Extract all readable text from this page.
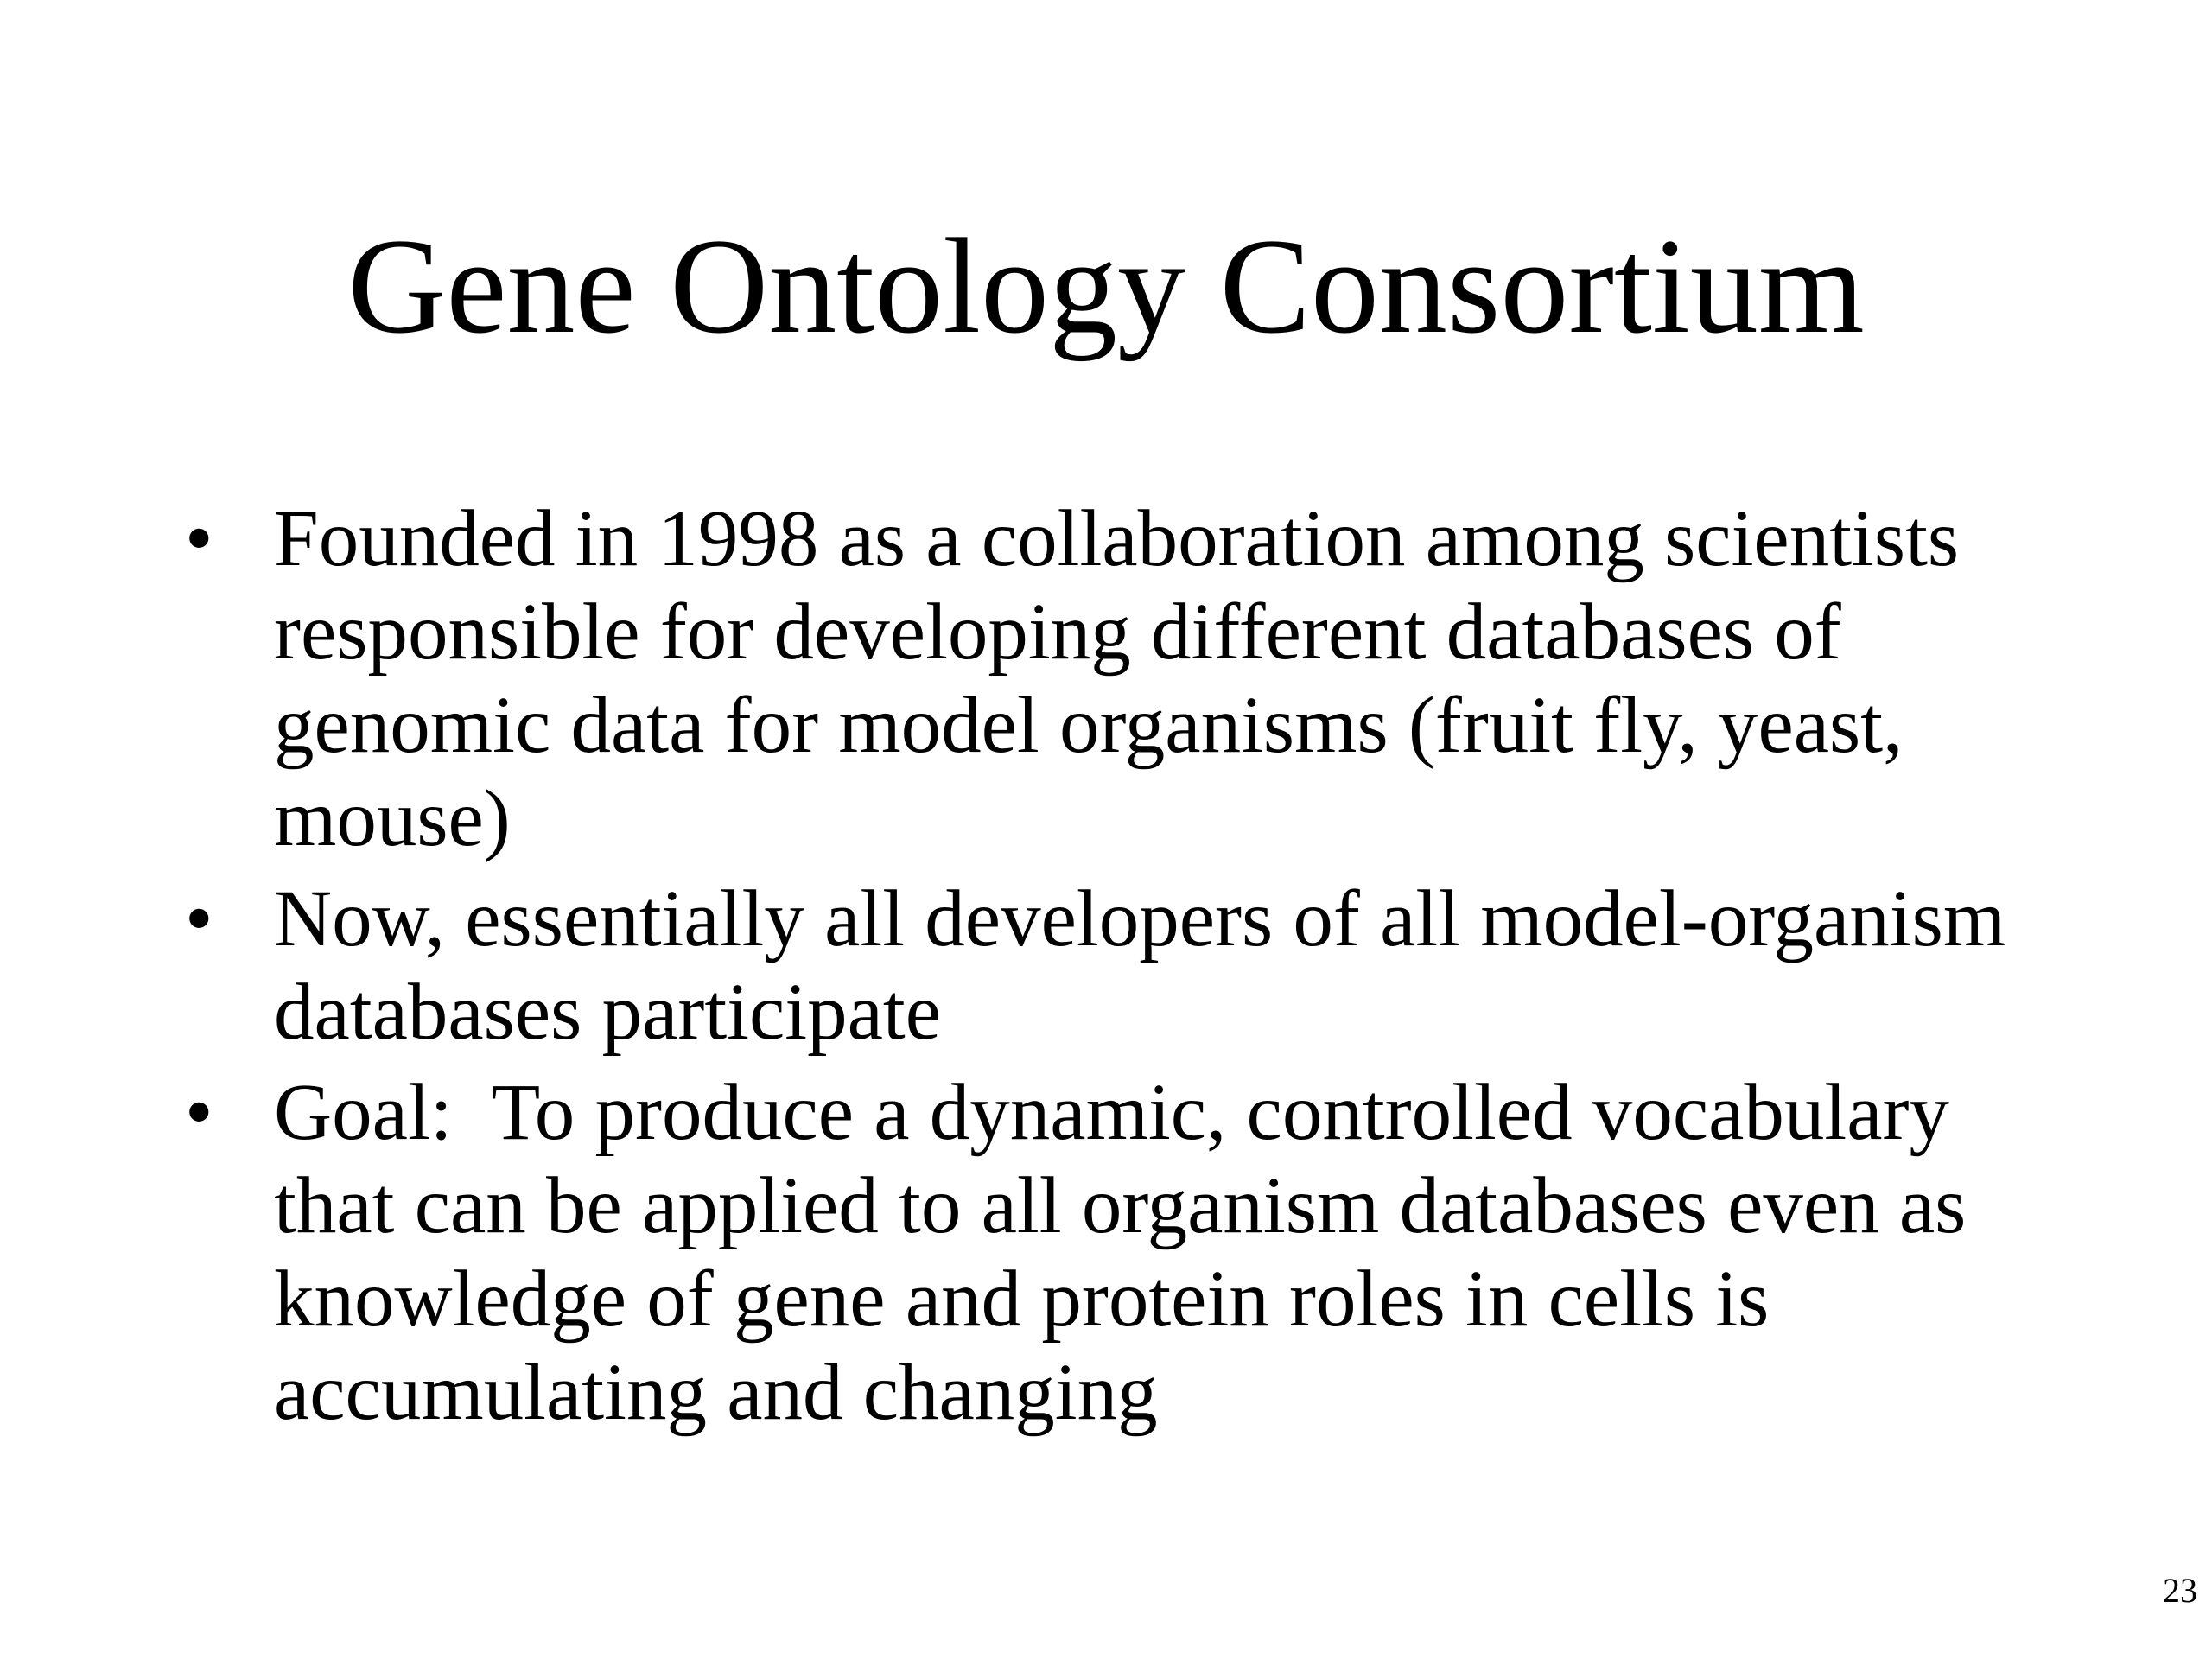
Gene Ontology Consortium
• Founded in 1998 as a collaboration among scientists responsible for developing different databases of genomic data for model organisms (fruit fly, yeast, mouse)
• Now, essentially all developers of all model-organism databases participate
• Goal:  To produce a dynamic, controlled vocabulary that can be applied to all organism databases even as knowledge of gene and protein roles in cells is accumulating and changing
23
